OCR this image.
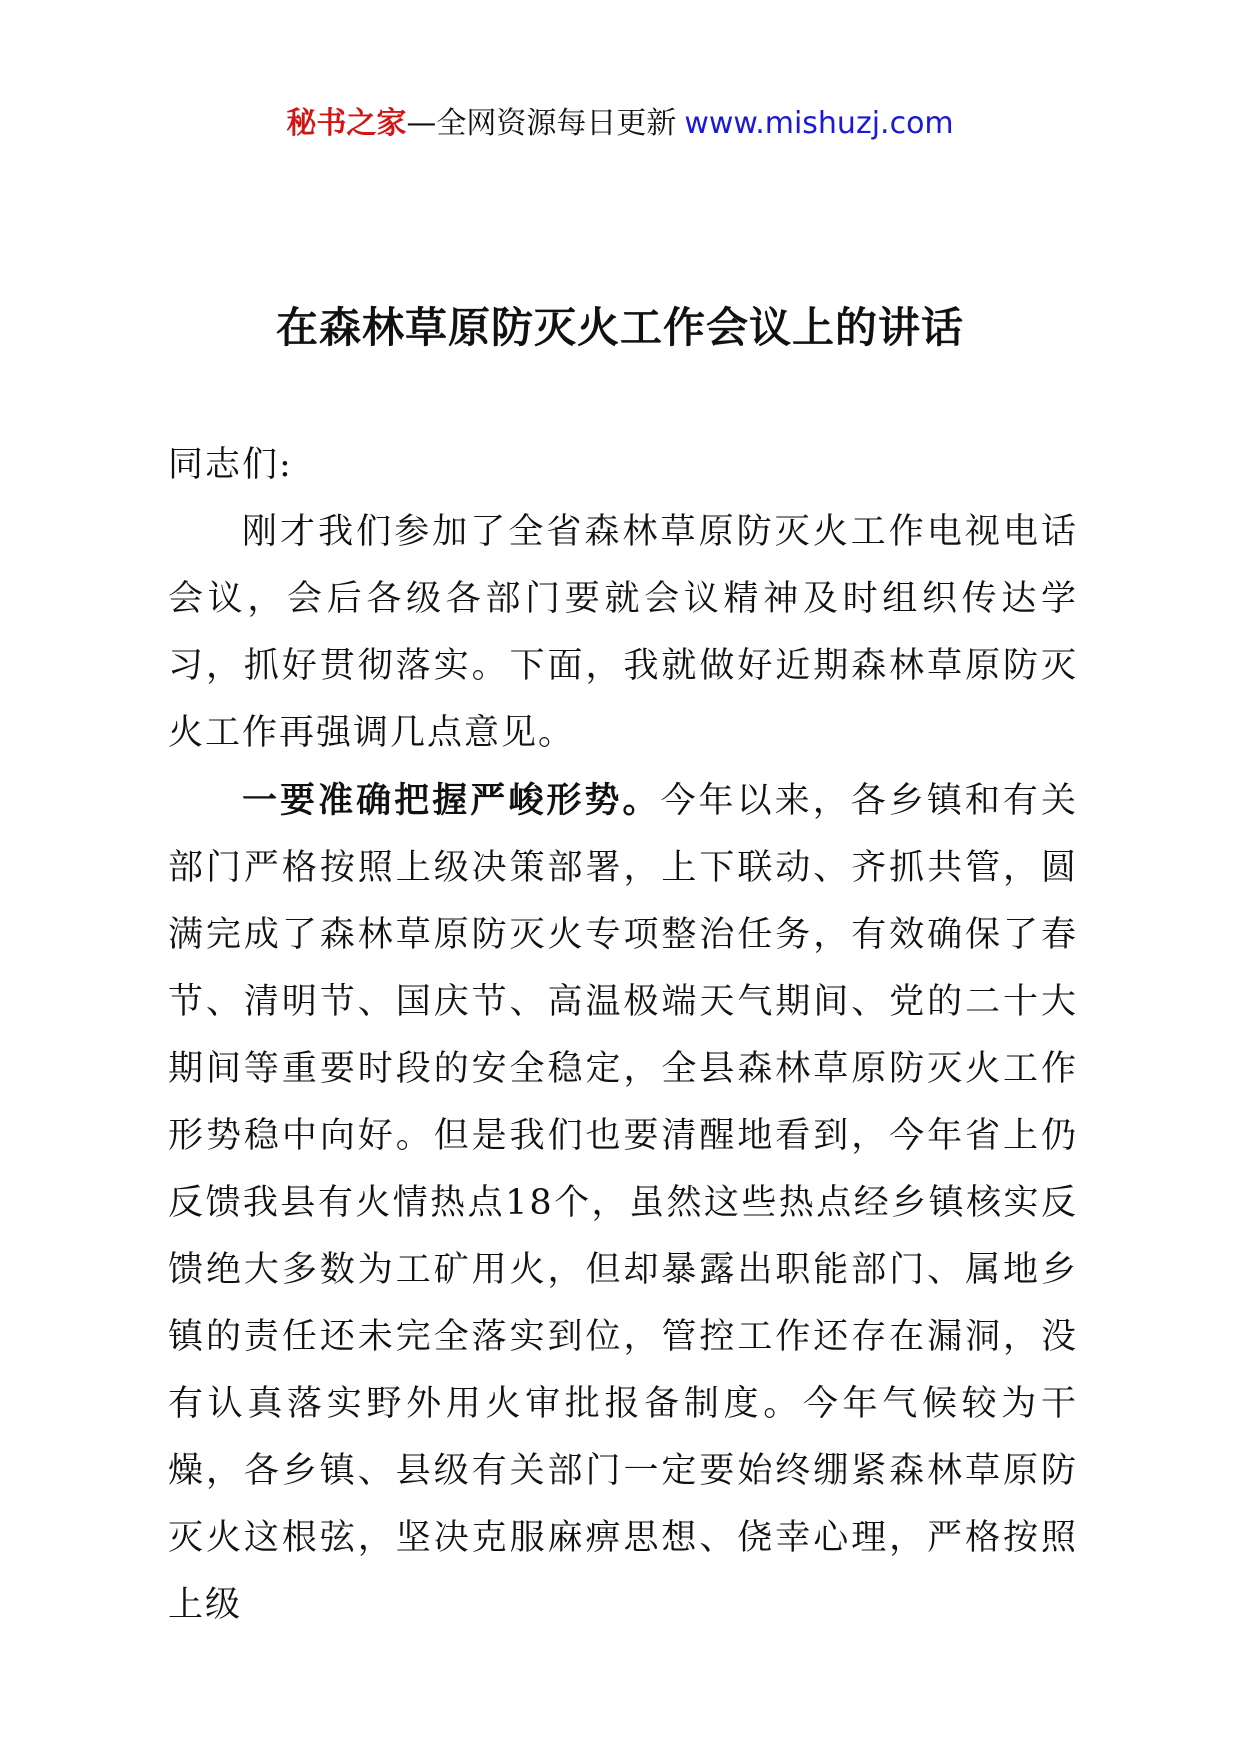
秘书之家—全网资源每日更新 www.mishuzj.com
在森林草原防灭火工作会议上的讲话

同志们:

刚才我们参加了全省森林草原防灭火工作电视电话会议，会后各级各部门要就会议精神及时组织传达学习，抓好贯彻落实。下面，我就做好近期森林草原防灭火工作再强调几点意见。

一要准确把握严峻形势。今年以来，各乡镇和有关部门严格按照上级决策部署，上下联动、齐抓共管，圆满完成了森林草原防灭火专项整治任务，有效确保了春节、清明节、国庆节、高温极端天气期间、党的二十大期间等重要时段的安全稳定，全县森林草原防灭火工作形势稳中向好。但是我们也要清醒地看到，今年省上仍反馈我县有火情热点18个，虽然这些热点经乡镇核实反馈绝大多数为工矿用火，但却暴露出职能部门、属地乡镇的责任还未完全落实到位，管控工作还存在漏洞，没有认真落实野外用火审批报备制度。今年气候较为干燥，各乡镇、县级有关部门一定要始终绷紧森林草原防灭火这根弦，坚决克服麻痹思想、侥幸心理，严格按照上级
